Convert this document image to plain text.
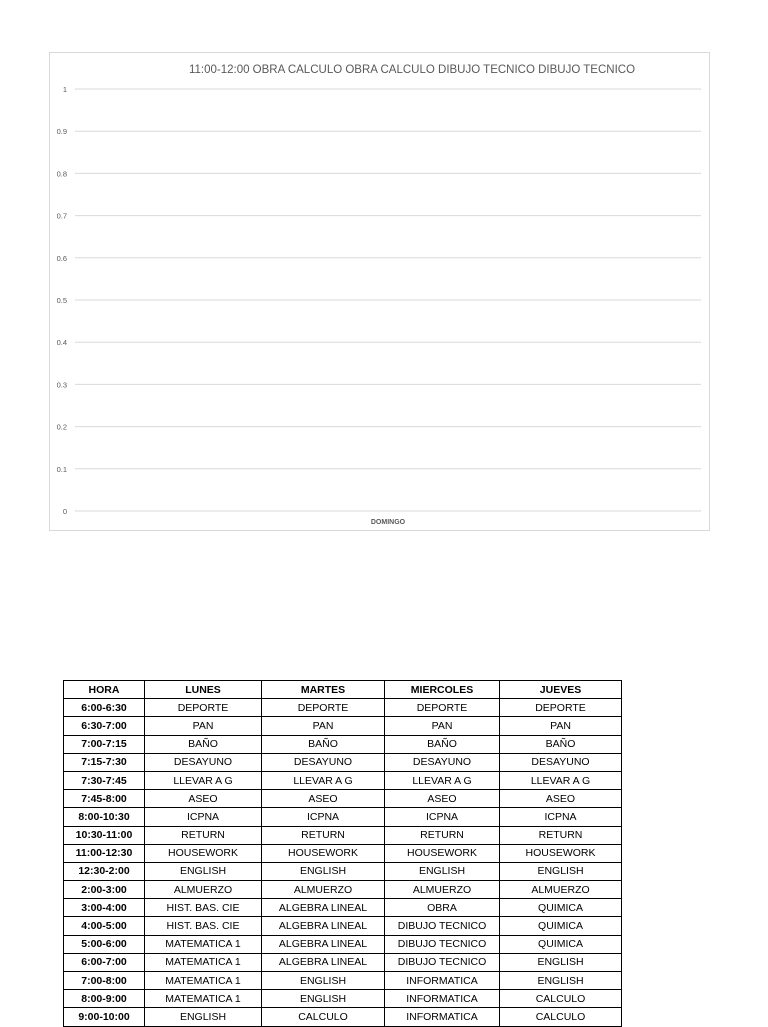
11:00-12:00 OBRA CALCULO OBRA CALCULO DIBUJO TECNICO DIBUJO TECNICO
0
0.1
0.2
0.3
0.4
0.5
0.6
0.7
0.8
0.9
1
DOMINGO
HORA	LUNES	MARTES	MIERCOLES	JUEVES
6:00-6:30	DEPORTE	DEPORTE	DEPORTE	DEPORTE
6:30-7:00	PAN	PAN	PAN	PAN
7:00-7:15	BAÑO	BAÑO	BAÑO	BAÑO
7:15-7:30	DESAYUNO	DESAYUNO	DESAYUNO	DESAYUNO
7:30-7:45	LLEVAR A G	LLEVAR A G	LLEVAR A G	LLEVAR A G
7:45-8:00	ASEO	ASEO	ASEO	ASEO
8:00-10:30	ICPNA	ICPNA	ICPNA	ICPNA
10:30-11:00	RETURN	RETURN	RETURN	RETURN
11:00-12:30	HOUSEWORK	HOUSEWORK	HOUSEWORK	HOUSEWORK
12:30-2:00	ENGLISH	ENGLISH	ENGLISH	ENGLISH
2:00-3:00	ALMUERZO	ALMUERZO	ALMUERZO	ALMUERZO
3:00-4:00	HIST. BAS. CIE	ALGEBRA LINEAL	OBRA	QUIMICA
4:00-5:00	HIST. BAS. CIE	ALGEBRA LINEAL	DIBUJO TECNICO	QUIMICA
5:00-6:00	MATEMATICA 1	ALGEBRA LINEAL	DIBUJO TECNICO	QUIMICA
6:00-7:00	MATEMATICA 1	ALGEBRA LINEAL	DIBUJO TECNICO	ENGLISH
7:00-8:00	MATEMATICA 1	ENGLISH	INFORMATICA	ENGLISH
8:00-9:00	MATEMATICA 1	ENGLISH	INFORMATICA	CALCULO
9:00-10:00	ENGLISH	CALCULO	INFORMATICA	CALCULO
